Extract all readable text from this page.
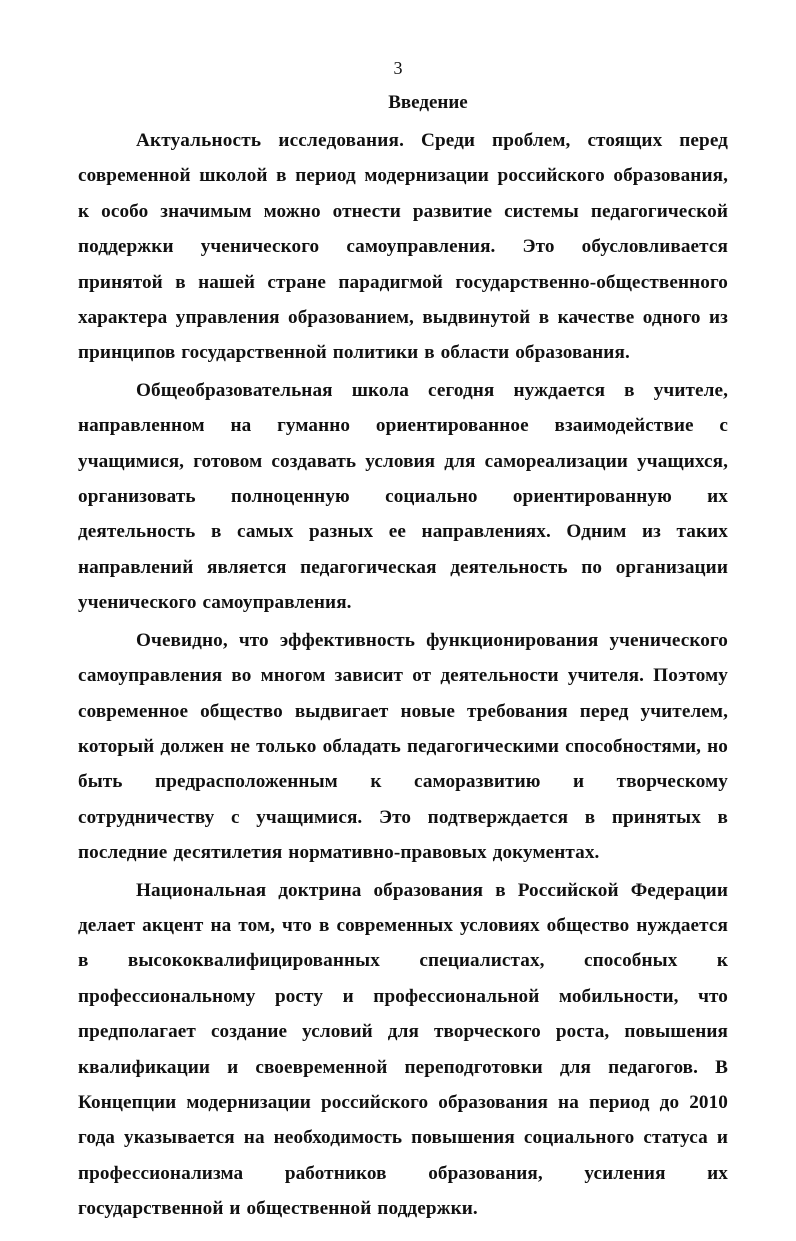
3
Введение

Актуальность исследования. Среди проблем, стоящих перед современной школой в период модернизации российского образования, к особо значимым можно отнести развитие системы педагогической поддержки ученического самоуправления. Это обусловливается принятой в нашей стране парадигмой государственно-общественного характера управления образованием, выдвинутой в качестве одного из принципов государственной политики в области образования.

Общеобразовательная школа сегодня нуждается в учителе, направленном на гуманно ориентированное взаимодействие с учащимися, готовом создавать условия для самореализации учащихся, организовать полноценную социально ориентированную их деятельность в самых разных ее направлениях. Одним из таких направлений является педагогическая деятельность по организации ученического самоуправления.

Очевидно, что эффективность функционирования ученического самоуправления во многом зависит от деятельности учителя. Поэтому современное общество выдвигает новые требования перед учителем, который должен не только обладать педагогическими способностями, но быть предрасположенным к саморазвитию и творческому сотрудничеству с учащимися. Это подтверждается в принятых в последние десятилетия нормативно-правовых документах.

Национальная доктрина образования в Российской Федерации делает акцент на том, что в современных условиях общество нуждается в высококвалифицированных специалистах, способных к профессиональному росту и профессиональной мобильности, что предполагает создание условий для творческого роста, повышения квалификации и своевременной переподготовки для педагогов. В Концепции модернизации российского образования на период до 2010 года указывается на необходимость повышения социального статуса и профессионализма работников образования, усиления их государственной и общественной поддержки.
